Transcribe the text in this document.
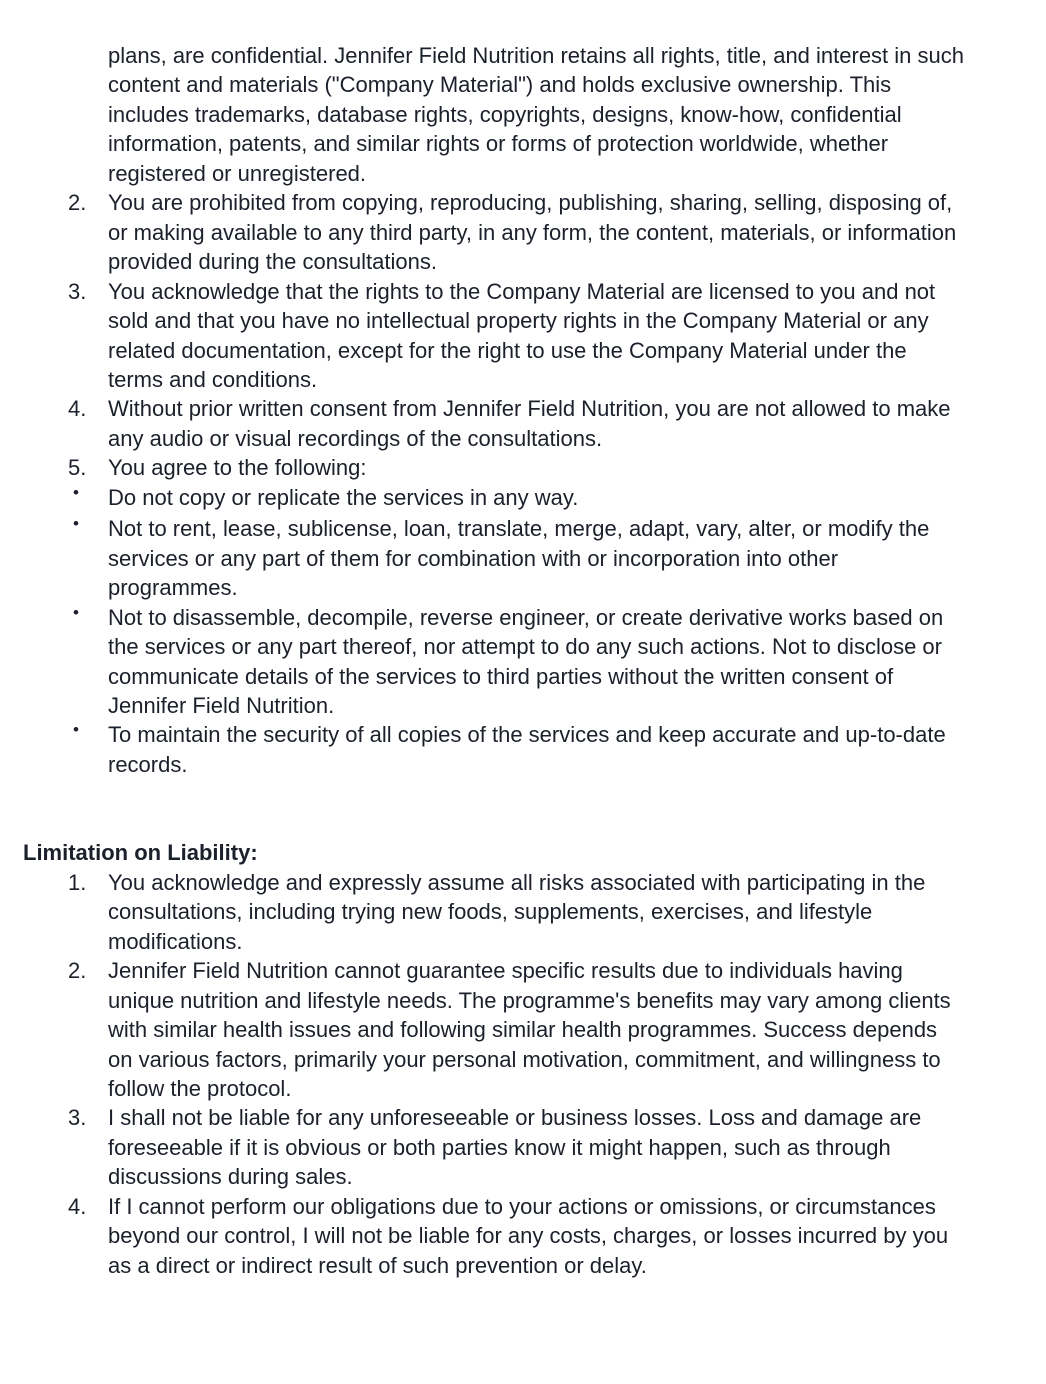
plans, are confidential. Jennifer Field Nutrition retains all rights, title, and interest in such content and materials ("Company Material") and holds exclusive ownership. This includes trademarks, database rights, copyrights, designs, know-how, confidential information, patents, and similar rights or forms of protection worldwide, whether registered or unregistered.

2. You are prohibited from copying, reproducing, publishing, sharing, selling, disposing of, or making available to any third party, in any form, the content, materials, or information provided during the consultations.
3. You acknowledge that the rights to the Company Material are licensed to you and not sold and that you have no intellectual property rights in the Company Material or any related documentation, except for the right to use the Company Material under the terms and conditions.
4. Without prior written consent from Jennifer Field Nutrition, you are not allowed to make any audio or visual recordings of the consultations.
5. You agree to the following:
•	Do not copy or replicate the services in any way.
•	Not to rent, lease, sublicense, loan, translate, merge, adapt, vary, alter, or modify the services or any part of them for combination with or incorporation into other programmes.
•	Not to disassemble, decompile, reverse engineer, or create derivative works based on the services or any part thereof, nor attempt to do any such actions. Not to disclose or communicate details of the services to third parties without the written consent of Jennifer Field Nutrition.
•	To maintain the security of all copies of the services and keep accurate and up-to-date records.

Limitation on Liability:

1. You acknowledge and expressly assume all risks associated with participating in the consultations, including trying new foods, supplements, exercises, and lifestyle modifications.
2. Jennifer Field Nutrition cannot guarantee specific results due to individuals having unique nutrition and lifestyle needs. The programme's benefits may vary among clients with similar health issues and following similar health programmes. Success depends on various factors, primarily your personal motivation, commitment, and willingness to follow the protocol.
3. I shall not be liable for any unforeseeable or business losses. Loss and damage are foreseeable if it is obvious or both parties know it might happen, such as through discussions during sales.
4. If I cannot perform our obligations due to your actions or omissions, or circumstances beyond our control, I will not be liable for any costs, charges, or losses incurred by you as a direct or indirect result of such prevention or delay.
